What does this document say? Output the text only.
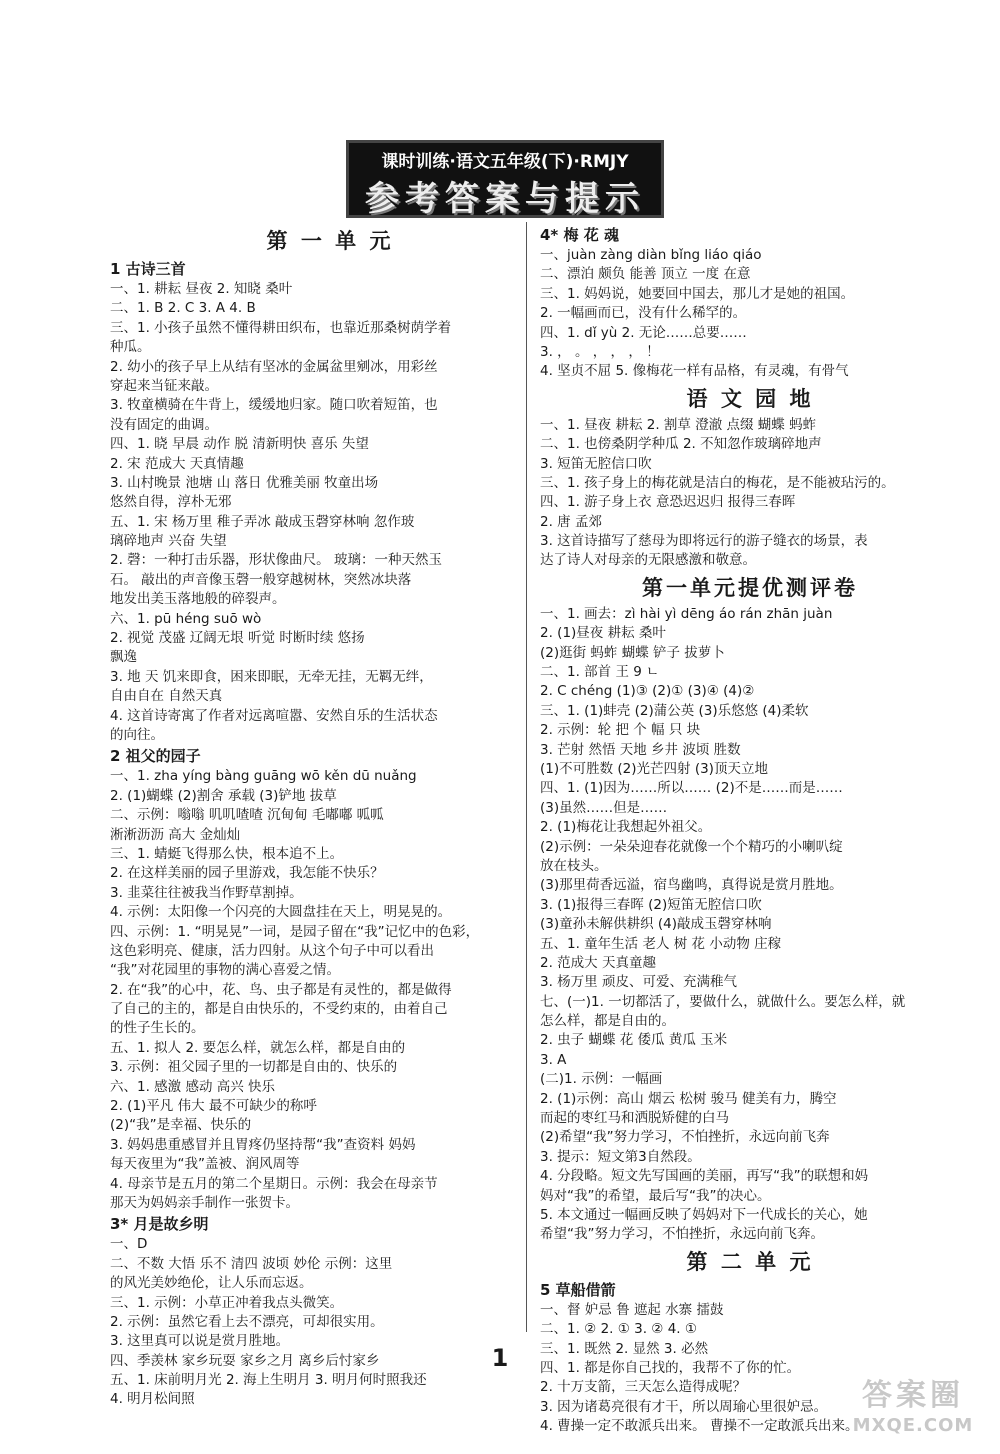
课时训练·语文五年级(下)·RMJY
参考答案与提示
第 一 单 元
1 古诗三首
一、1. 耕耘 昼夜 2. 知晓 桑叶
二、1. B 2. C 3. A 4. B
三、1. 小孩子虽然不懂得耕田织布，也靠近那桑树荫学着
种瓜。
2. 幼小的孩子早上从结有坚冰的金属盆里剜冰，用彩丝
穿起来当钲来敲。
3. 牧童横骑在牛背上，缓缓地归家。随口吹着短笛，也
没有固定的曲调。
四、1. 晓 早晨 动作 脱 清新明快 喜乐 失望
2. 宋 范成大 天真情趣
3. 山村晚景 池塘 山 落日 优雅美丽 牧童出场
悠然自得，淳朴无邪
五、1. 宋 杨万里 稚子弄冰 敲成玉磬穿林响 忽作玻
璃碎地声 兴奋 失望
2. 磬：一种打击乐器，形状像曲尺。 玻璃：一种天然玉
石。 敲出的声音像玉磬一般穿越树林，突然冰块落
地发出美玉落地般的碎裂声。
六、1. pū héng suō wò
2. 视觉 茂盛 辽阔无垠 听觉 时断时续 悠扬
飘逸
3. 地 天 饥来即食，困来即眠，无牵无挂，无羁无绊，
自由自在 自然天真
4. 这首诗寄寓了作者对远离喧嚣、安然自乐的生活状态
的向往。
2 祖父的园子
一、1. zha yíng bàng guāng wō kěn dū nuǎng
2. (1)蝴蝶 (2)割舍 承载 (3)铲地 拔草
二、示例：嗡嗡 叽叽喳喳 沉甸甸 毛嘟嘟 呱呱
淅淅沥沥 高大 金灿灿
三、1. 蜻蜓飞得那么快，根本追不上。
2. 在这样美丽的园子里游戏，我怎能不快乐？
3. 韭菜往往被我当作野草割掉。
4. 示例：太阳像一个闪亮的大圆盘挂在天上，明晃晃的。
四、示例：1. “明晃晃”一词，是园子留在“我”记忆中的色彩，
这色彩明亮、健康，活力四射。从这个句子中可以看出
“我”对花园里的事物的满心喜爱之情。
2. 在“我”的心中，花、鸟、虫子都是有灵性的，都是做得
了自己的主的，都是自由快乐的，不受约束的，由着自己
的性子生长的。
五、1. 拟人 2. 要怎么样，就怎么样，都是自由的
3. 示例：祖父园子里的一切都是自由的、快乐的
六、1. 感激 感动 高兴 快乐
2. (1)平凡 伟大 最不可缺少的称呼
(2)“我”是幸福、快乐的
3. 妈妈患重感冒并且胃疼仍坚持帮“我”查资料 妈妈
每天夜里为“我”盖被、润风周等
4. 母亲节是五月的第二个星期日。示例：我会在母亲节
那天为妈妈亲手制作一张贺卡。
3* 月是故乡明
一、D
二、不数 大悟 乐不 清四 波顷 妙伦 示例：这里
的风光美妙绝伦，让人乐而忘返。
三、1. 示例：小草正冲着我点头微笑。
2. 示例：虽然它看上去不漂亮，可却很实用。
3. 这里真可以说是赏月胜地。
四、季羡林 家乡玩耍 家乡之月 离乡后忖家乡
五、1. 床前明月光 2. 海上生明月 3. 明月何时照我还
4. 明月松间照
4* 梅 花 魂
一、juàn zàng diàn bǐng liáo qiáo
二、漂泊 颇负 能善 顶立 一度 在意
三、1. 妈妈说，她要回中国去，那儿才是她的祖国。
2. 一幅画而已，没有什么稀罕的。
四、1. dǐ yù 2. 无论……总要……
3. ， 。 ， ， ， ！
4. 坚贞不屈 5. 像梅花一样有品格，有灵魂，有骨气
语 文 园 地
一、1. 昼夜 耕耘 2. 割草 澄澈 点缀 蝴蝶 蚂蚱
二、1. 也傍桑阴学种瓜 2. 不知忽作玻璃碎地声
3. 短笛无腔信口吹
三、1. 孩子身上的梅花就是洁白的梅花，是不能被玷污的。
四、1. 游子身上衣 意恐迟迟归 报得三春晖
2. 唐 孟郊
3. 这首诗描写了慈母为即将远行的游子缝衣的场景，表
达了诗人对母亲的无限感激和敬意。
第一单元提优测评卷
一、1. 画去：zì hài yì dēng áo rán zhān juàn
2. (1)昼夜 耕耘 桑叶
(2)逛街 蚂蚱 蝴蝶 铲子 拔萝卜
二、1. 部首 王 9 ㄴ
2. C chéng (1)③ (2)① (3)④ (4)②
三、1. (1)蚌壳 (2)蒲公英 (3)乐悠悠 (4)柔软
2. 示例：轮 把 个 幅 只 块
3. 芒射 然悟 天地 乡井 波顷 胜数
(1)不可胜数 (2)光芒四射 (3)顶天立地
四、1. (1)因为……所以…… (2)不是……而是……
(3)虽然……但是……
2. (1)梅花让我想起外祖父。
(2)示例：一朵朵迎春花就像一个个精巧的小喇叭绽
放在枝头。
(3)那里荷香远溢，宿鸟幽鸣，真得说是赏月胜地。
3. (1)报得三春晖 (2)短笛无腔信口吹
(3)童孙未解供耕织 (4)敲成玉磬穿林响
五、1. 童年生活 老人 树 花 小动物 庄稼
2. 范成大 天真童趣
3. 杨万里 顽皮、可爱、充满稚气
七、(一)1. 一切都活了，要做什么，就做什么。要怎么样，就
怎么样，都是自由的。
2. 虫子 蝴蝶 花 倭瓜 黄瓜 玉米
3. A
(二)1. 示例：一幅画
2. (1)示例：高山 烟云 松树 骏马 健美有力，腾空
而起的枣红马和洒脱矫健的白马
(2)希望“我”努力学习，不怕挫折，永远向前飞奔
3. 提示：短文第3自然段。
4. 分段略。短文先写国画的美丽，再写“我”的联想和妈
妈对“我”的希望，最后写“我”的决心。
5. 本文通过一幅画反映了妈妈对下一代成长的关心，她
希望“我”努力学习，不怕挫折，永远向前飞奔。
第 二 单 元
5 草船借箭
一、督 妒忌 鲁 遮起 水寨 擂鼓
二、1. ② 2. ① 3. ② 4. ①
三、1. 既然 2. 显然 3. 必然
四、1. 都是你自己找的，我帮不了你的忙。
2. 十万支箭，三天怎么造得成呢？
3. 因为诸葛亮很有才干，所以周瑜心里很妒忌。
4. 曹操一定不敢派兵出来。 曹操不一定敢派兵出来。
1
答案圈
MXQE.COM
